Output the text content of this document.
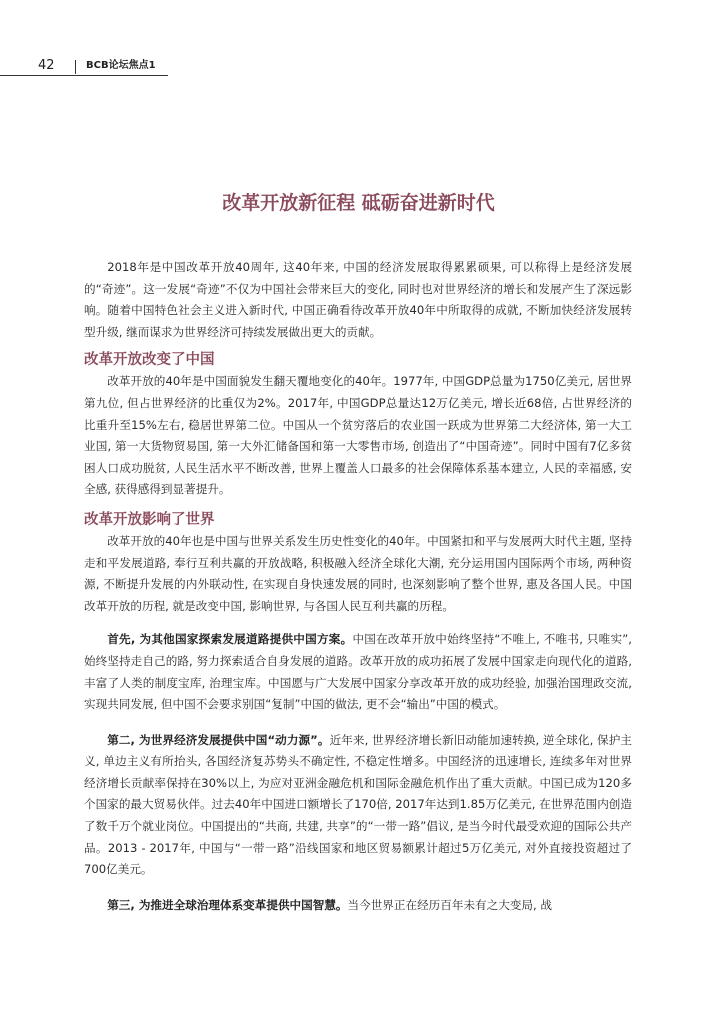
42	BCB论坛焦点1
改革开放新征程 砥砺奋进新时代

2018年是中国改革开放40周年, 这40年来, 中国的经济发展取得累累硕果, 可以称得上是经济发展的“奇迹”。这一发展“奇迹”不仅为中国社会带来巨大的变化, 同时也对世界经济的增长和发展产生了深远影响。随着中国特色社会主义进入新时代, 中国正确看待改革开放40年中所取得的成就, 不断加快经济发展转型升级, 继而谋求为世界经济可持续发展做出更大的贡献。

改革开放改变了中国

改革开放的40年是中国面貌发生翻天覆地变化的40年。1977年, 中国GDP总量为1750亿美元, 居世界第九位, 但占世界经济的比重仅为2%。2017年, 中国GDP总量达12万亿美元, 增长近68倍, 占世界经济的比重升至15%左右, 稳居世界第二位。中国从一个贫穷落后的农业国一跃成为世界第二大经济体, 第一大工业国, 第一大货物贸易国, 第一大外汇储备国和第一大零售市场, 创造出了“中国奇迹”。同时中国有7亿多贫困人口成功脱贫, 人民生活水平不断改善, 世界上覆盖人口最多的社会保障体系基本建立, 人民的幸福感, 安全感, 获得感得到显著提升。

改革开放影响了世界

改革开放的40年也是中国与世界关系发生历史性变化的40年。中国紧扣和平与发展两大时代主题, 坚持走和平发展道路, 奉行互利共赢的开放战略, 积极融入经济全球化大潮, 充分运用国内国际两个市场, 两种资源, 不断提升发展的内外联动性, 在实现自身快速发展的同时, 也深刻影响了整个世界, 惠及各国人民。中国改革开放的历程, 就是改变中国, 影响世界, 与各国人民互利共赢的历程。

首先, 为其他国家探索发展道路提供中国方案。中国在改革开放中始终坚持“不唯上, 不唯书, 只唯实”, 始终坚持走自己的路, 努力探索适合自身发展的道路。改革开放的成功拓展了发展中国家走向现代化的道路, 丰富了人类的制度宝库, 治理宝库。中国愿与广大发展中国家分享改革开放的成功经验, 加强治国理政交流, 实现共同发展, 但中国不会要求别国“复制”中国的做法, 更不会“输出”中国的模式。

第二, 为世界经济发展提供中国“动力源”。近年来, 世界经济增长新旧动能加速转换, 逆全球化, 保护主义, 单边主义有所抬头, 各国经济复苏势头不确定性, 不稳定性增多。中国经济的迅速增长, 连续多年对世界经济增长贡献率保持在30%以上, 为应对亚洲金融危机和国际金融危机作出了重大贡献。中国已成为120多个国家的最大贸易伙伴。过去40年中国进口额增长了170倍, 2017年达到1.85万亿美元, 在世界范围内创造了数千万个就业岗位。中国提出的“共商, 共建, 共享”的“一带一路”倡议, 是当今时代最受欢迎的国际公共产品。2013 - 2017年, 中国与“一带一路”沿线国家和地区贸易额累计超过5万亿美元, 对外直接投资超过了700亿美元。

第三, 为推进全球治理体系变革提供中国智慧。当今世界正在经历百年未有之大变局, 战
